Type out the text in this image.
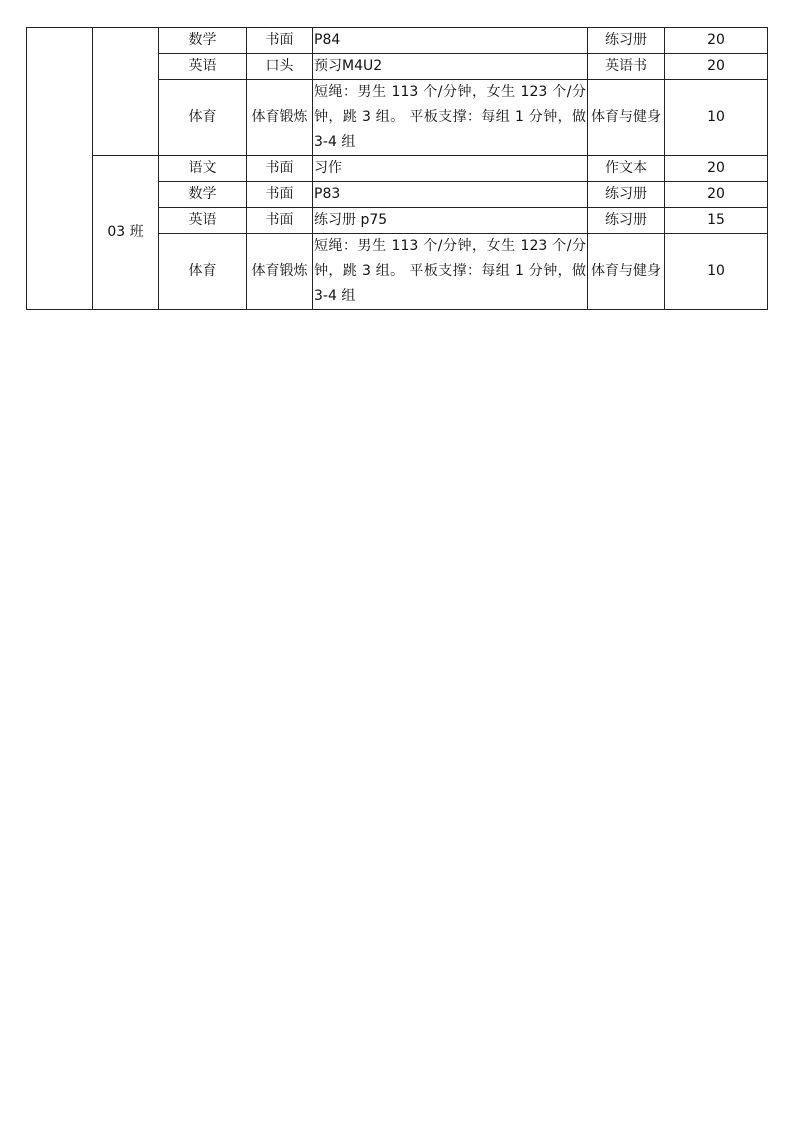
		数学	书面	P84	练习册	20
		英语	口头	预习M4U2	英语书	20
		体育	体育锻炼	短绳：男生 113 个/分钟，女生 123 个/分钟，跳 3 组。 平板支撑：每组 1 分钟，做 3-4 组	体育与健身	10
	03 班	语文	书面	习作	作文本	20
		数学	书面	P83	练习册	20
		英语	书面	练习册 p75	练习册	15
		体育	体育锻炼	短绳：男生 113 个/分钟，女生 123 个/分钟，跳 3 组。 平板支撑：每组 1 分钟，做 3-4 组	体育与健身	10
